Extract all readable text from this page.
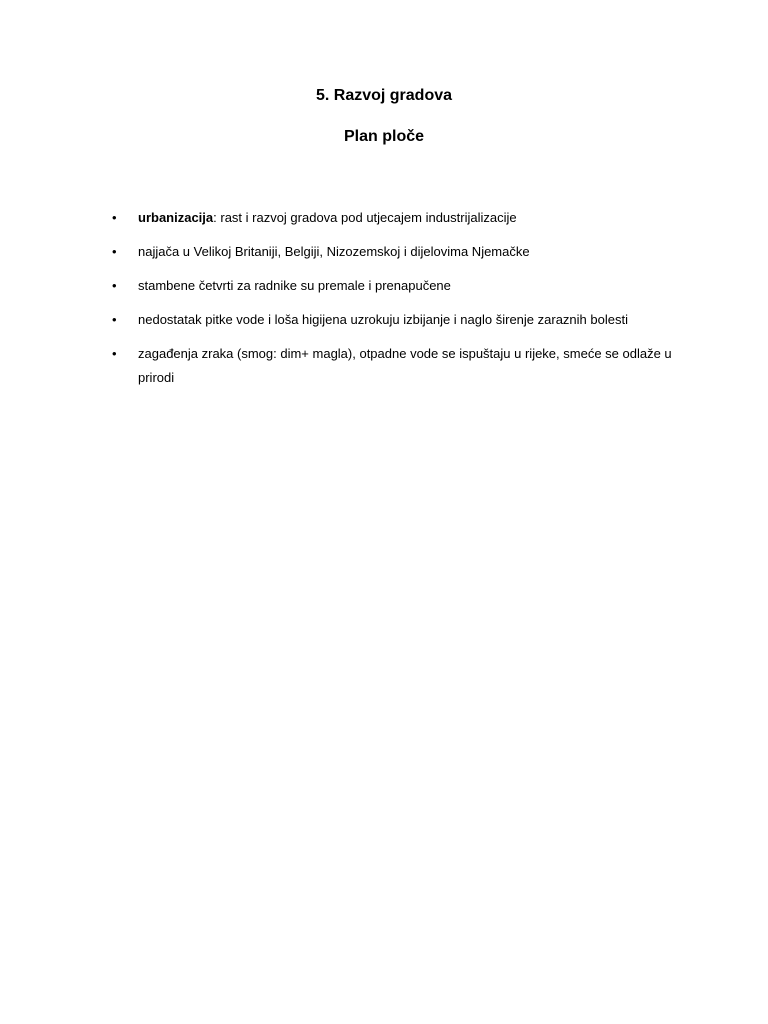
5. Razvoj gradova
Plan ploče
•	urbanizacija: rast i razvoj gradova pod utjecajem industrijalizacije
•	najjača u Velikoj Britaniji, Belgiji, Nizozemskoj i dijelovima Njemačke
•	stambene četvrti za radnike su premale i prenapučene
•	nedostatak pitke vode i loša higijena uzrokuju izbijanje i naglo širenje zaraznih bolesti
•	zagađenja zraka (smog: dim+ magla), otpadne vode se ispuštaju u rijeke, smeće se odlaže u prirodi
